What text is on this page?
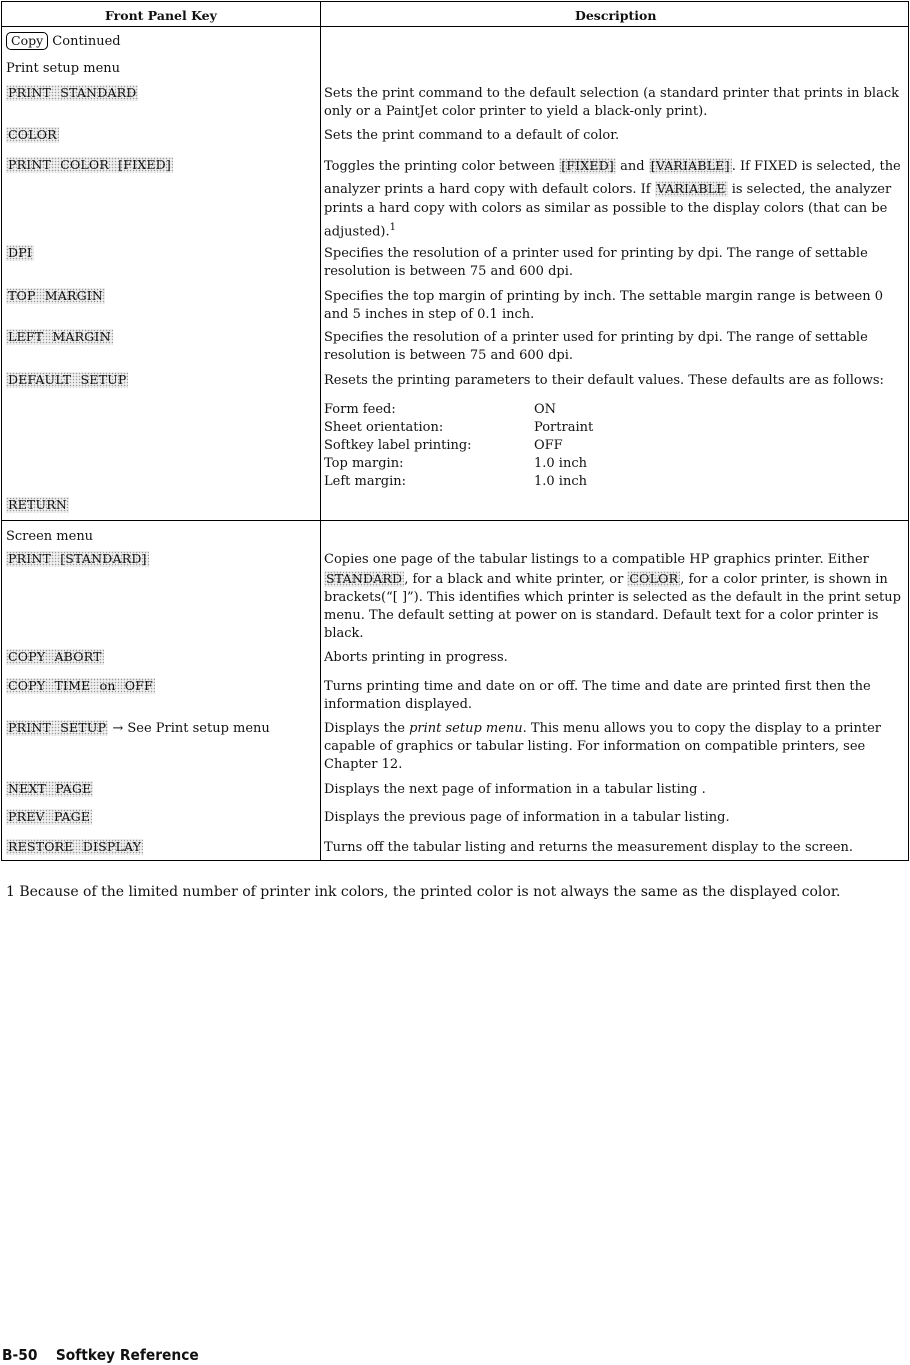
Front Panel Key	Description
Copy Continued
Print setup menu
PRINT STANDARD	Sets the print command to the default selection (a standard printer that prints in black
only or a PaintJet color printer to yield a black-only print).
COLOR	Sets the print command to a default of color.
PRINT COLOR [FIXED]	Toggles the printing color between [FIXED] and [VARIABLE] . If FIXED is selected, the
analyzer prints a hard copy with default colors. If VARIABLE is selected, the analyzer
prints a hard copy with colors as similar as possible to the display colors (that can be
adjusted).$^1$
DPI	Specifies the resolution of a printer used for printing by dpi. The range of settable
resolution is between 75 and 600 dpi.
TOP MARGIN	Specifies the top margin of printing by inch. The settable margin range is between 0
and 5 inches in step of 0.1 inch.
LEFT MARGIN	Specifies the resolution of a printer used for printing by dpi. The range of settable
resolution is between 75 and 600 dpi.
DEFAULT SETUP	Resets the printing parameters to their default values. These defaults are as follows:
Form feed:	ON
Sheet orientation:	Portraint
Softkey label printing:	OFF
Top margin:	1.0 inch
Left margin:	1.0 inch
RETURN
Screen menu
PRINT [STANDARD]	Copies one page of the tabular listings to a compatible HP graphics printer. Either
STANDARD , for a black and white printer, or COLOR , for a color printer, is shown in
brackets(“[ ]”). This identifies which printer is selected as the default in the print setup
menu. The default setting at power on is standard. Default text for a color printer is
black.
COPY ABORT	Aborts printing in progress.
COPY TIME on OFF	Turns printing time and date on or off. The time and date are printed first then the
information displayed.
PRINT SETUP → See Print setup menu	Displays the print setup menu. This menu allows you to copy the display to a printer
capable of graphics or tabular listing. For information on compatible printers, see
Chapter 12.
NEXT PAGE	Displays the next page of information in a tabular listing .
PREV PAGE	Displays the previous page of information in a tabular listing.
RESTORE DISPLAY	Turns off the tabular listing and returns the measurement display to the screen.
1 Because of the limited number of printer ink colors, the printed color is not always the same as the displayed color.
B-50 Softkey Reference
